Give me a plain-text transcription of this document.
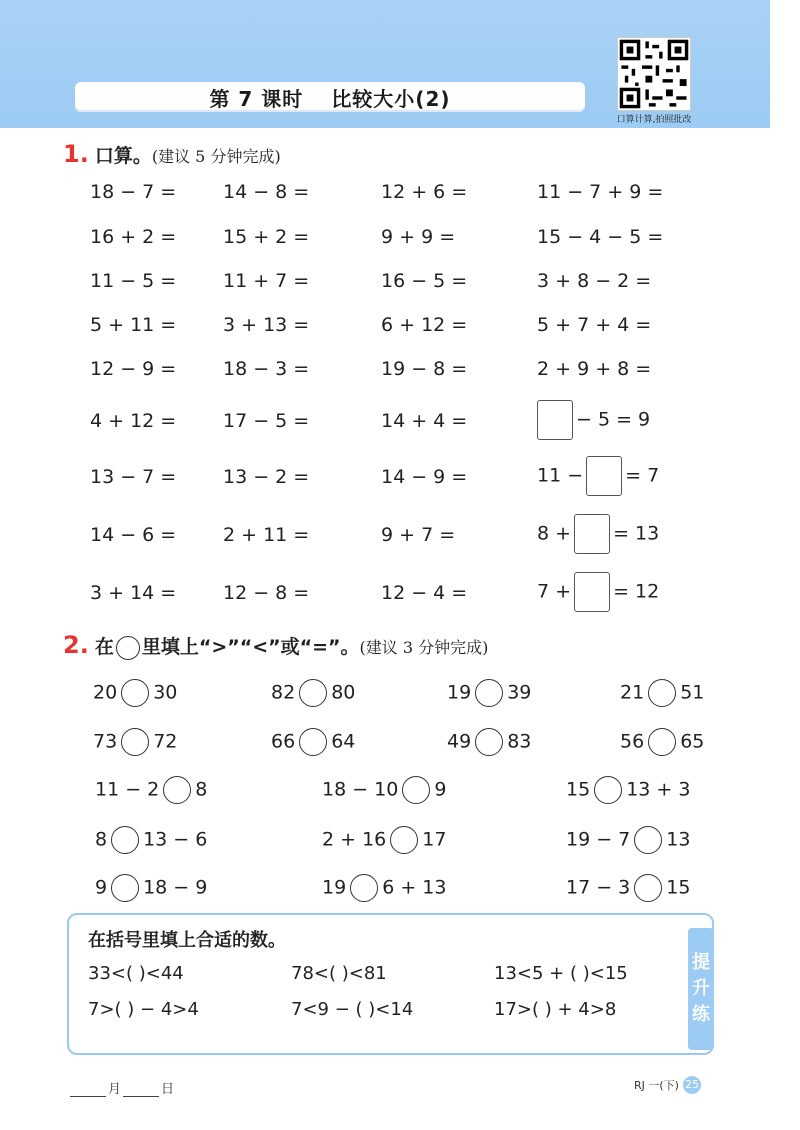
第 7 课时 比较大小(2)
口算计算,拍照批改
1. 口算。(建议 5 分钟完成)
18 − 7 = 14 − 8 =	12 + 6 =	11 − 7 + 9 =
16 + 2 = 15 + 2 =	9 + 9 =	15 − 4 − 5 =
11 − 5 = 11 + 7 =	16 − 5 =	3 + 8 − 2 =
5 + 11 = 3 + 13 =	6 + 12 =	5 + 7 + 4 =
12 − 9 = 18 − 3 =	19 − 8 =	2 + 9 + 8 =
4 + 12 = 17 − 5 =	14 + 4 =	− 5 = 9
13 − 7 = 13 − 2 =	14 − 9 =	11 − = 7
14 − 6 = 2 + 11 =	9 + 7 =	8 + = 13
3 + 14 = 12 − 8 =	12 − 4 =	7 + = 12
2. 在 里填上“>”“<”或“=”。(建议 3 分钟完成)
20 30	82 80	19 39	21 51
73 72	66 64	49 83	56 65
11 − 2 8	18 − 10 9	15 13 + 3
8 13 − 6	2 + 16 17	19 − 7 13
9 18 − 9	19 6 + 13	17 − 3 15
在括号里填上合适的数。
33<( )<44	78<( )<81	13<5 + ( )<15
7>( ) − 4>4	7<9 − ( )<14	17>( ) + 4>8
提
升
练
月	日	RJ 一(下) 25
